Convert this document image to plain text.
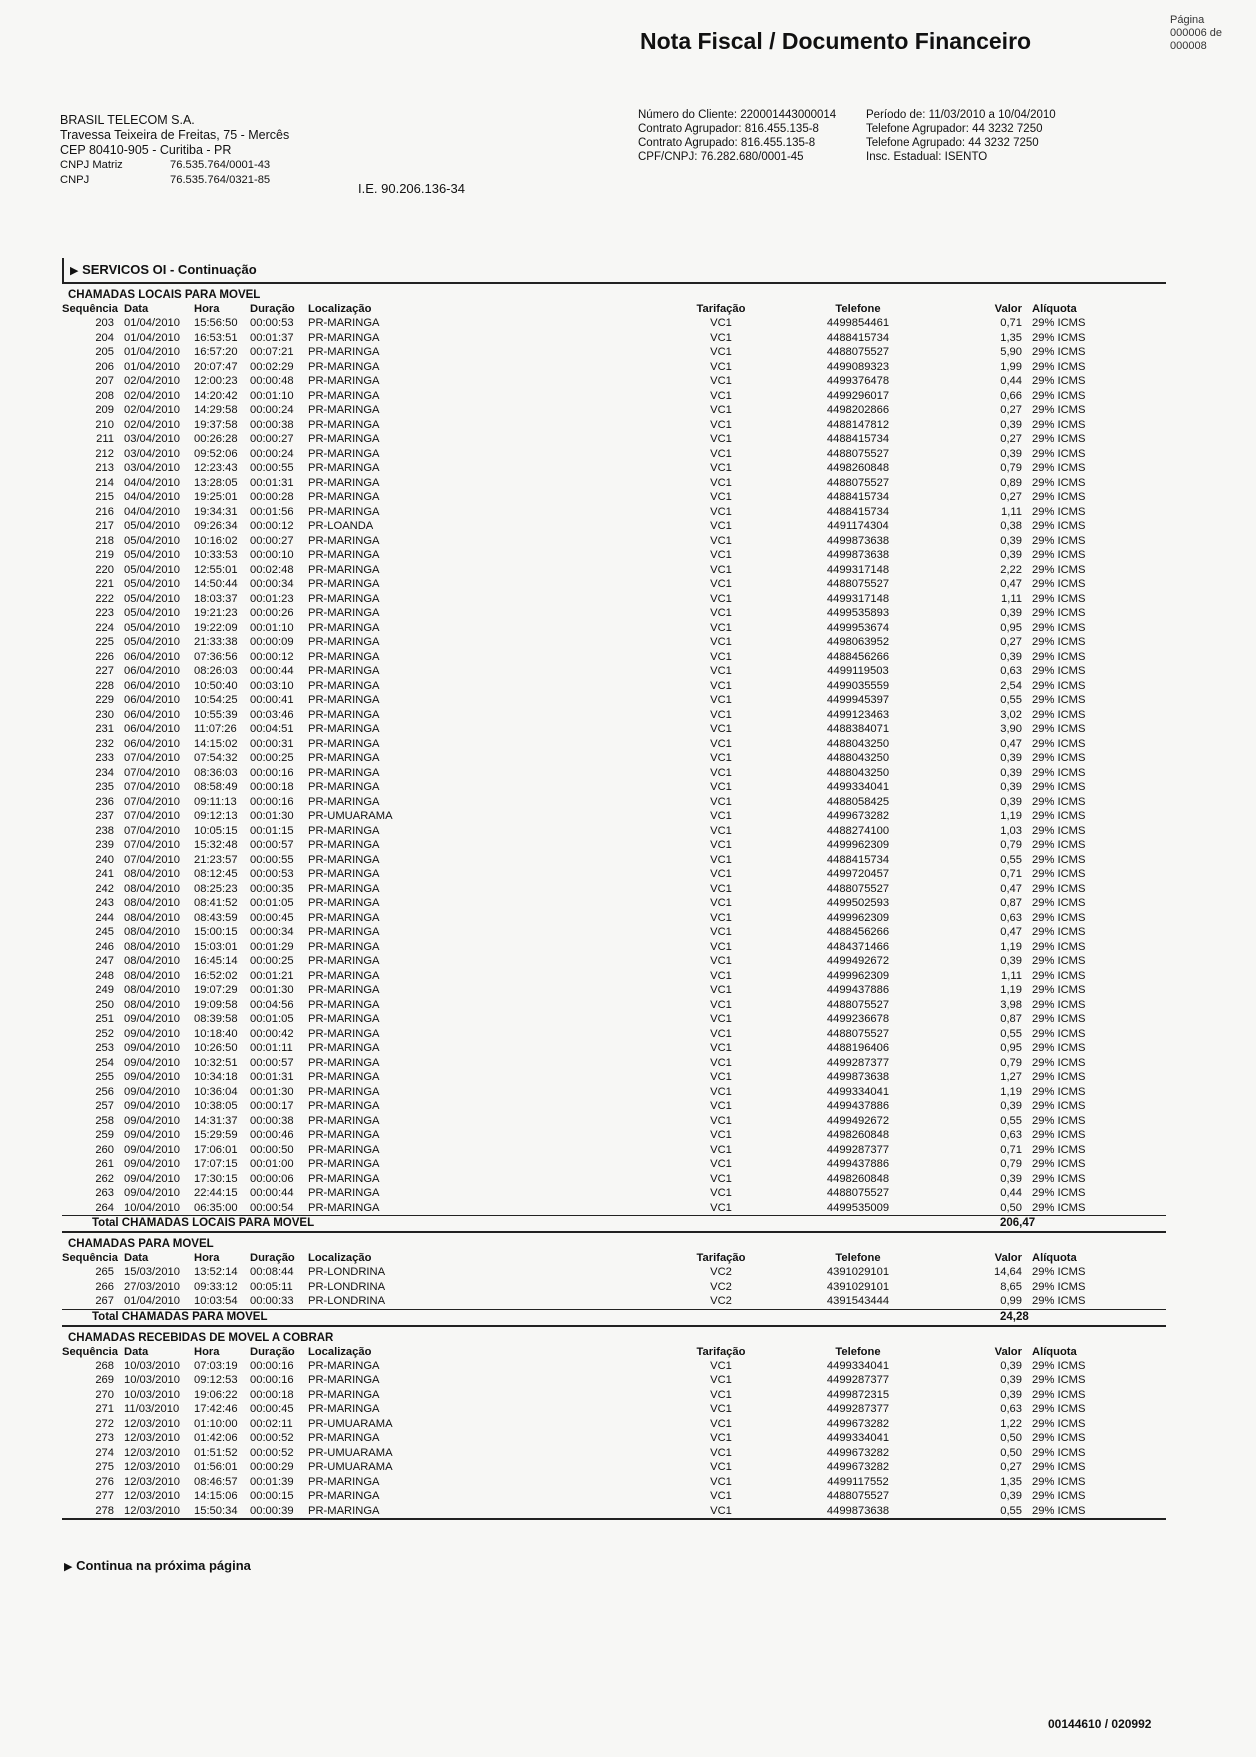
Nota Fiscal / Documento Financeiro
Página
000006 de
000008
BRASIL TELECOM S.A.
Travessa Teixeira de Freitas, 75 - Mercês
CEP 80410-905 - Curitiba - PR
CNPJ Matriz	76.535.764/0001-43
CNPJ	76.535.764/0321-85
I.E. 90.206.136-34
Número do Cliente: 220001443000014
Contrato Agrupador: 816.455.135-8
Contrato Agrupado: 816.455.135-8
CPF/CNPJ: 76.282.680/0001-45
Período de: 11/03/2010 a 10/04/2010
Telefone Agrupador: 44 3232 7250
Telefone Agrupado: 44 3232 7250
Insc. Estadual: ISENTO
▶ SERVICOS OI - Continuação
CHAMADAS LOCAIS PARA MOVEL
Sequência Data	Hora	Duração	Localização	Tarifação	Telefone	Valor Alíquota
203 01/04/2010	15:56:50	00:00:53	PR-MARINGA	VC1	4499854461	0,71 29% ICMS
204 01/04/2010	16:53:51	00:01:37	PR-MARINGA	VC1	4488415734	1,35 29% ICMS
205 01/04/2010	16:57:20	00:07:21	PR-MARINGA	VC1	4488075527	5,90 29% ICMS
206 01/04/2010	20:07:47	00:02:29	PR-MARINGA	VC1	4499089323	1,99 29% ICMS
207 02/04/2010	12:00:23	00:00:48	PR-MARINGA	VC1	4499376478	0,44 29% ICMS
208 02/04/2010	14:20:42	00:01:10	PR-MARINGA	VC1	4499296017	0,66 29% ICMS
209 02/04/2010	14:29:58	00:00:24	PR-MARINGA	VC1	4498202866	0,27 29% ICMS
210 02/04/2010	19:37:58	00:00:38	PR-MARINGA	VC1	4488147812	0,39 29% ICMS
211 03/04/2010	00:26:28	00:00:27	PR-MARINGA	VC1	4488415734	0,27 29% ICMS
212 03/04/2010	09:52:06	00:00:24	PR-MARINGA	VC1	4488075527	0,39 29% ICMS
213 03/04/2010	12:23:43	00:00:55	PR-MARINGA	VC1	4498260848	0,79 29% ICMS
214 04/04/2010	13:28:05	00:01:31	PR-MARINGA	VC1	4488075527	0,89 29% ICMS
215 04/04/2010	19:25:01	00:00:28	PR-MARINGA	VC1	4488415734	0,27 29% ICMS
216 04/04/2010	19:34:31	00:01:56	PR-MARINGA	VC1	4488415734	1,11 29% ICMS
217 05/04/2010	09:26:34	00:00:12	PR-LOANDA	VC1	4491174304	0,38 29% ICMS
218 05/04/2010	10:16:02	00:00:27	PR-MARINGA	VC1	4499873638	0,39 29% ICMS
219 05/04/2010	10:33:53	00:00:10	PR-MARINGA	VC1	4499873638	0,39 29% ICMS
220 05/04/2010	12:55:01	00:02:48	PR-MARINGA	VC1	4499317148	2,22 29% ICMS
221 05/04/2010	14:50:44	00:00:34	PR-MARINGA	VC1	4488075527	0,47 29% ICMS
222 05/04/2010	18:03:37	00:01:23	PR-MARINGA	VC1	4499317148	1,11 29% ICMS
223 05/04/2010	19:21:23	00:00:26	PR-MARINGA	VC1	4499535893	0,39 29% ICMS
224 05/04/2010	19:22:09	00:01:10	PR-MARINGA	VC1	4499953674	0,95 29% ICMS
225 05/04/2010	21:33:38	00:00:09	PR-MARINGA	VC1	4498063952	0,27 29% ICMS
226 06/04/2010	07:36:56	00:00:12	PR-MARINGA	VC1	4488456266	0,39 29% ICMS
227 06/04/2010	08:26:03	00:00:44	PR-MARINGA	VC1	4499119503	0,63 29% ICMS
228 06/04/2010	10:50:40	00:03:10	PR-MARINGA	VC1	4499035559	2,54 29% ICMS
229 06/04/2010	10:54:25	00:00:41	PR-MARINGA	VC1	4499945397	0,55 29% ICMS
230 06/04/2010	10:55:39	00:03:46	PR-MARINGA	VC1	4499123463	3,02 29% ICMS
231 06/04/2010	11:07:26	00:04:51	PR-MARINGA	VC1	4488384071	3,90 29% ICMS
232 06/04/2010	14:15:02	00:00:31	PR-MARINGA	VC1	4488043250	0,47 29% ICMS
233 07/04/2010	07:54:32	00:00:25	PR-MARINGA	VC1	4488043250	0,39 29% ICMS
234 07/04/2010	08:36:03	00:00:16	PR-MARINGA	VC1	4488043250	0,39 29% ICMS
235 07/04/2010	08:58:49	00:00:18	PR-MARINGA	VC1	4499334041	0,39 29% ICMS
236 07/04/2010	09:11:13	00:00:16	PR-MARINGA	VC1	4488058425	0,39 29% ICMS
237 07/04/2010	09:12:13	00:01:30	PR-UMUARAMA	VC1	4499673282	1,19 29% ICMS
238 07/04/2010	10:05:15	00:01:15	PR-MARINGA	VC1	4488274100	1,03 29% ICMS
239 07/04/2010	15:32:48	00:00:57	PR-MARINGA	VC1	4499962309	0,79 29% ICMS
240 07/04/2010	21:23:57	00:00:55	PR-MARINGA	VC1	4488415734	0,55 29% ICMS
241 08/04/2010	08:12:45	00:00:53	PR-MARINGA	VC1	4499720457	0,71 29% ICMS
242 08/04/2010	08:25:23	00:00:35	PR-MARINGA	VC1	4488075527	0,47 29% ICMS
243 08/04/2010	08:41:52	00:01:05	PR-MARINGA	VC1	4499502593	0,87 29% ICMS
244 08/04/2010	08:43:59	00:00:45	PR-MARINGA	VC1	4499962309	0,63 29% ICMS
245 08/04/2010	15:00:15	00:00:34	PR-MARINGA	VC1	4488456266	0,47 29% ICMS
246 08/04/2010	15:03:01	00:01:29	PR-MARINGA	VC1	4484371466	1,19 29% ICMS
247 08/04/2010	16:45:14	00:00:25	PR-MARINGA	VC1	4499492672	0,39 29% ICMS
248 08/04/2010	16:52:02	00:01:21	PR-MARINGA	VC1	4499962309	1,11 29% ICMS
249 08/04/2010	19:07:29	00:01:30	PR-MARINGA	VC1	4499437886	1,19 29% ICMS
250 08/04/2010	19:09:58	00:04:56	PR-MARINGA	VC1	4488075527	3,98 29% ICMS
251 09/04/2010	08:39:58	00:01:05	PR-MARINGA	VC1	4499236678	0,87 29% ICMS
252 09/04/2010	10:18:40	00:00:42	PR-MARINGA	VC1	4488075527	0,55 29% ICMS
253 09/04/2010	10:26:50	00:01:11	PR-MARINGA	VC1	4488196406	0,95 29% ICMS
254 09/04/2010	10:32:51	00:00:57	PR-MARINGA	VC1	4499287377	0,79 29% ICMS
255 09/04/2010	10:34:18	00:01:31	PR-MARINGA	VC1	4499873638	1,27 29% ICMS
256 09/04/2010	10:36:04	00:01:30	PR-MARINGA	VC1	4499334041	1,19 29% ICMS
257 09/04/2010	10:38:05	00:00:17	PR-MARINGA	VC1	4499437886	0,39 29% ICMS
258 09/04/2010	14:31:37	00:00:38	PR-MARINGA	VC1	4499492672	0,55 29% ICMS
259 09/04/2010	15:29:59	00:00:46	PR-MARINGA	VC1	4498260848	0,63 29% ICMS
260 09/04/2010	17:06:01	00:00:50	PR-MARINGA	VC1	4499287377	0,71 29% ICMS
261 09/04/2010	17:07:15	00:01:00	PR-MARINGA	VC1	4499437886	0,79 29% ICMS
262 09/04/2010	17:30:15	00:00:06	PR-MARINGA	VC1	4498260848	0,39 29% ICMS
263 09/04/2010	22:44:15	00:00:44	PR-MARINGA	VC1	4488075527	0,44 29% ICMS
264 10/04/2010	06:35:00	00:00:54	PR-MARINGA	VC1	4499535009	0,50 29% ICMS
Total CHAMADAS LOCAIS PARA MOVEL	206,47
CHAMADAS PARA MOVEL
Sequência Data	Hora	Duração	Localização	Tarifação	Telefone	Valor Alíquota
265 15/03/2010	13:52:14	00:08:44	PR-LONDRINA	VC2	4391029101	14,64 29% ICMS
266 27/03/2010	09:33:12	00:05:11	PR-LONDRINA	VC2	4391029101	8,65 29% ICMS
267 01/04/2010	10:03:54	00:00:33	PR-LONDRINA	VC2	4391543444	0,99 29% ICMS
Total CHAMADAS PARA MOVEL	24,28
CHAMADAS RECEBIDAS DE MOVEL A COBRAR
Sequência Data	Hora	Duração	Localização	Tarifação	Telefone	Valor Alíquota
268 10/03/2010	07:03:19	00:00:16	PR-MARINGA	VC1	4499334041	0,39 29% ICMS
269 10/03/2010	09:12:53	00:00:16	PR-MARINGA	VC1	4499287377	0,39 29% ICMS
270 10/03/2010	19:06:22	00:00:18	PR-MARINGA	VC1	4499872315	0,39 29% ICMS
271 11/03/2010	17:42:46	00:00:45	PR-MARINGA	VC1	4499287377	0,63 29% ICMS
272 12/03/2010	01:10:00	00:02:11	PR-UMUARAMA	VC1	4499673282	1,22 29% ICMS
273 12/03/2010	01:42:06	00:00:52	PR-MARINGA	VC1	4499334041	0,50 29% ICMS
274 12/03/2010	01:51:52	00:00:52	PR-UMUARAMA	VC1	4499673282	0,50 29% ICMS
275 12/03/2010	01:56:01	00:00:29	PR-UMUARAMA	VC1	4499673282	0,27 29% ICMS
276 12/03/2010	08:46:57	00:01:39	PR-MARINGA	VC1	4499117552	1,35 29% ICMS
277 12/03/2010	14:15:06	00:00:15	PR-MARINGA	VC1	4488075527	0,39 29% ICMS
278 12/03/2010	15:50:34	00:00:39	PR-MARINGA	VC1	4499873638	0,55 29% ICMS
▶ Continua na próxima página
00144610 / 020992
